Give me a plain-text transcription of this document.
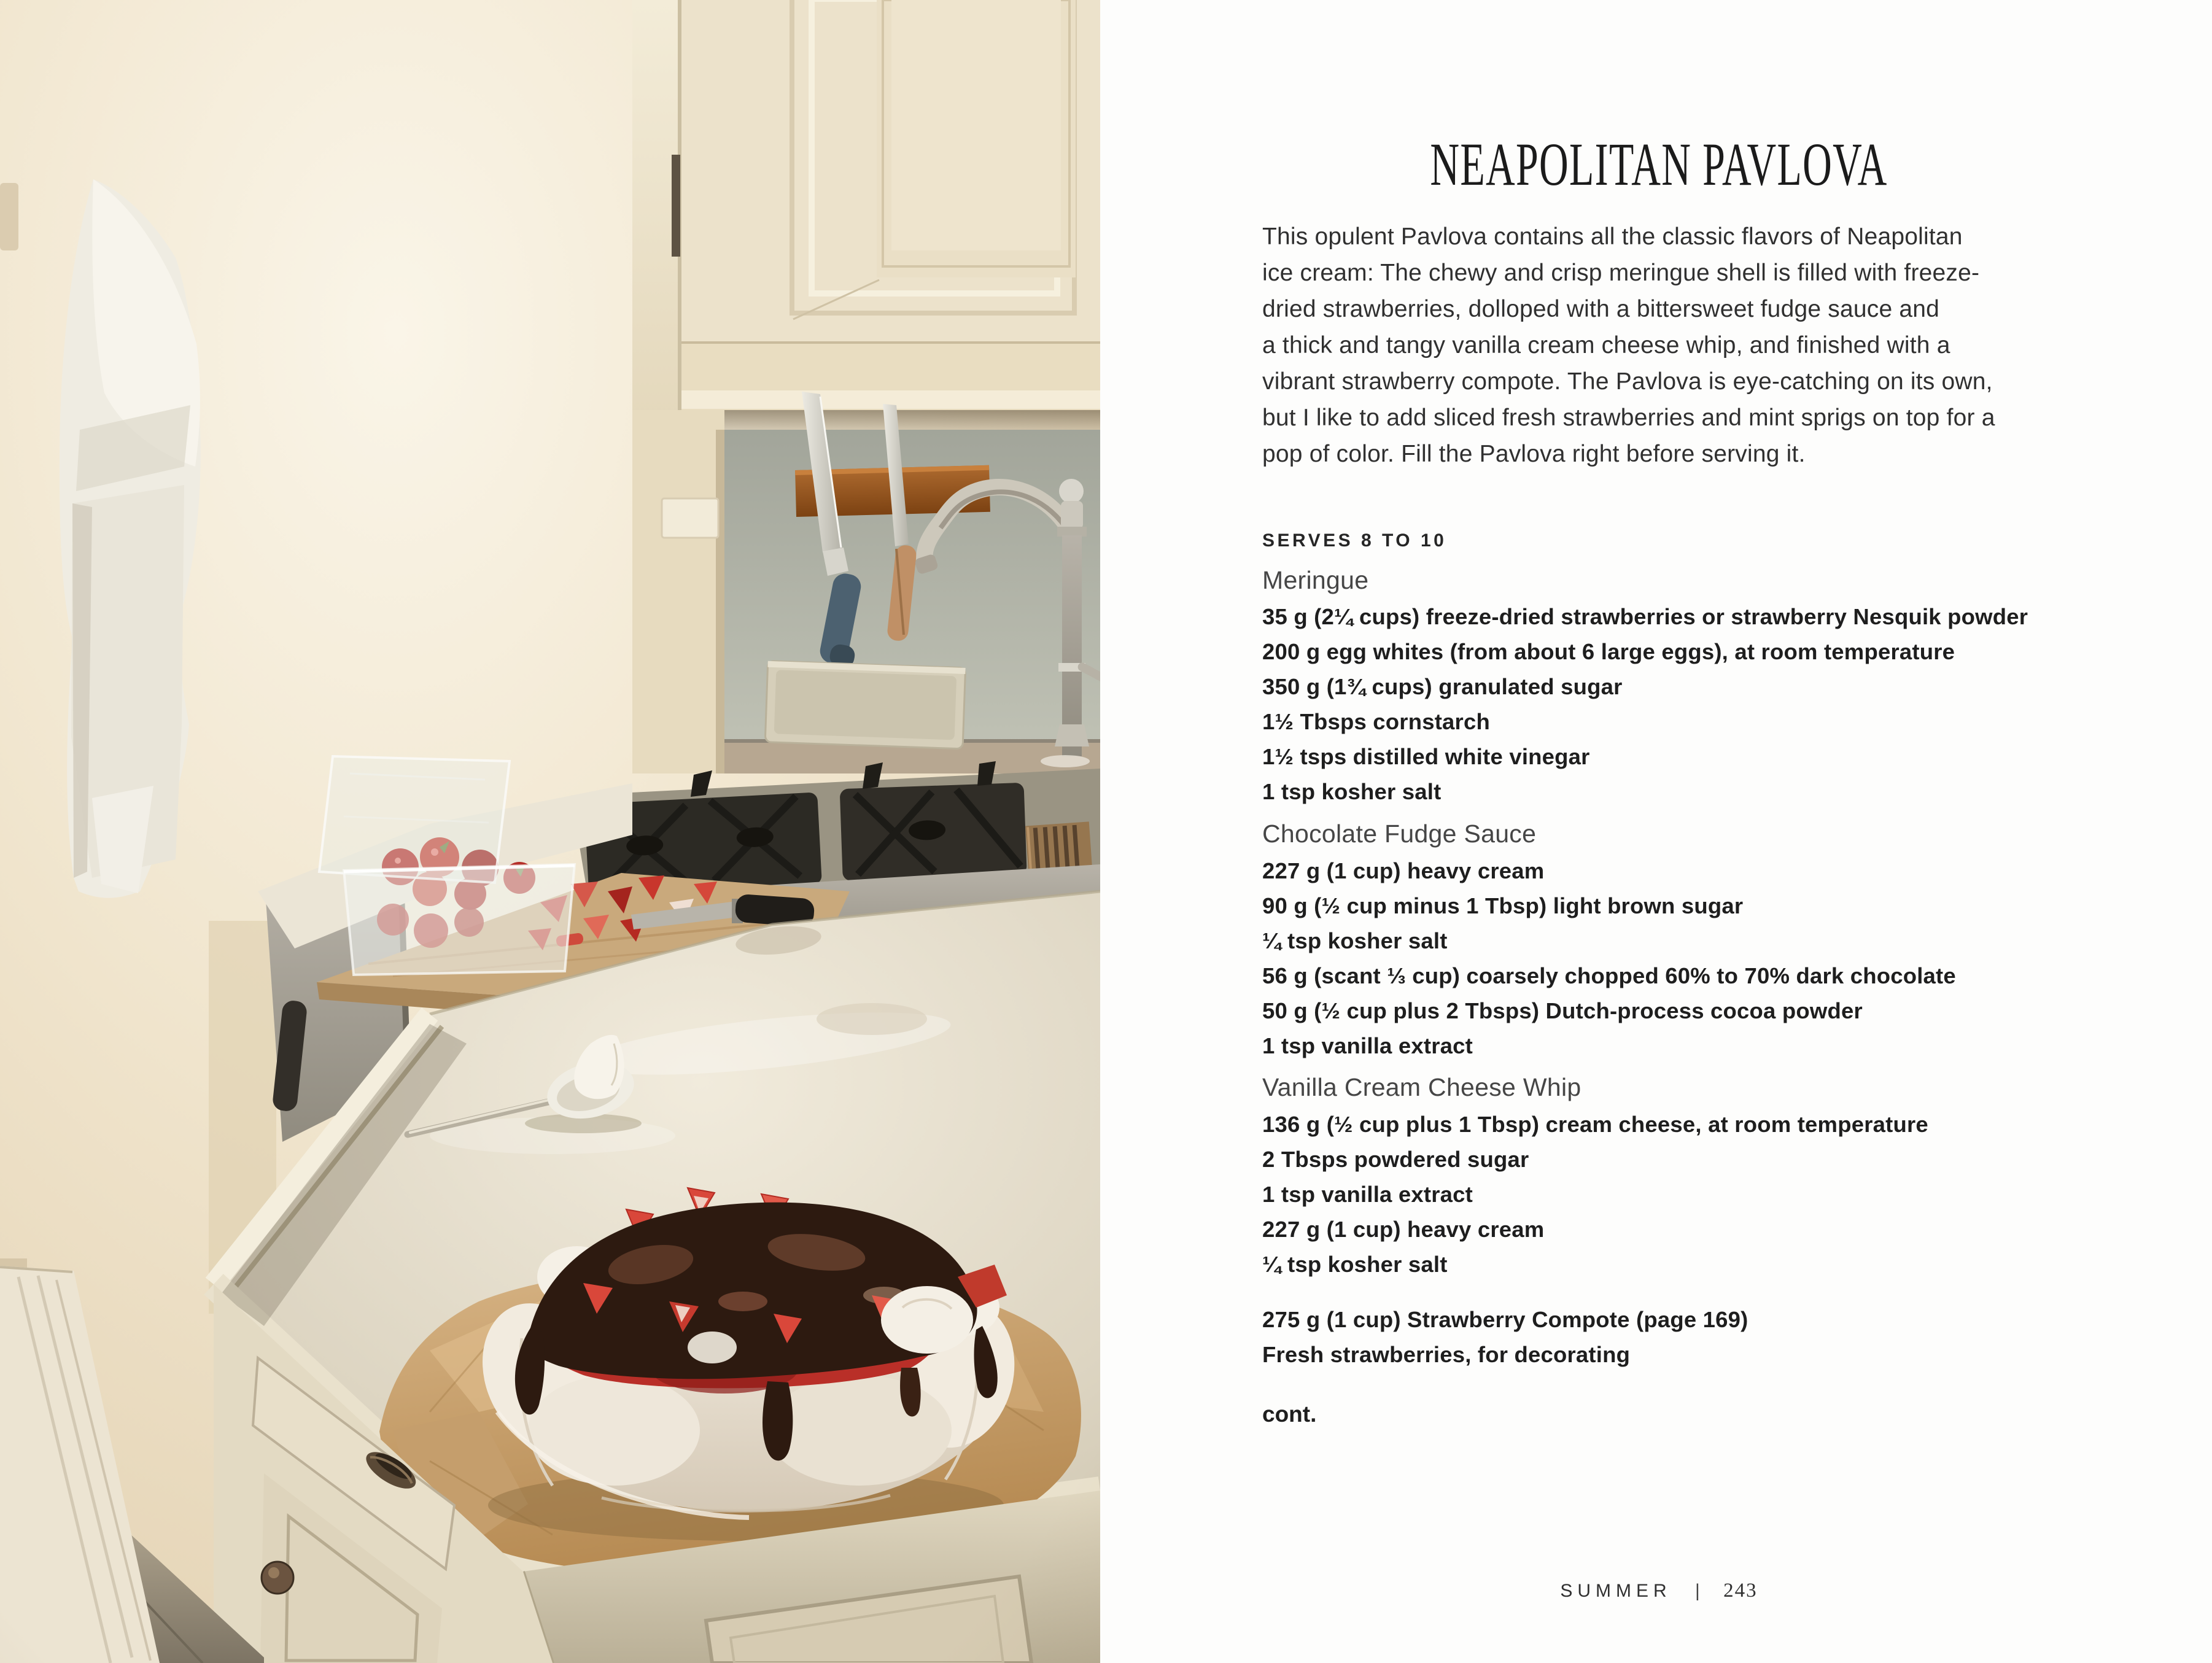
NEAPOLITAN PAVLOVA
This opulent Pavlova contains all the classic flavors of Neapolitan
ice cream: The chewy and crisp meringue shell is filled with freeze-
dried strawberries, dolloped with a bittersweet fudge sauce and
a thick and tangy vanilla cream cheese whip, and finished with a
vibrant strawberry compote. The Pavlova is eye-catching on its own,
but I like to add sliced fresh strawberries and mint sprigs on top for a
pop of color. Fill the Pavlova right before serving it.
SERVES 8 TO 10
Meringue
35 g (2¼ cups) freeze-dried strawberries or strawberry Nesquik powder
200 g egg whites (from about 6 large eggs), at room temperature
350 g (1¾ cups) granulated sugar
1½ Tbsps cornstarch
1½ tsps distilled white vinegar
1 tsp kosher salt
Chocolate Fudge Sauce
227 g (1 cup) heavy cream
90 g (½ cup minus 1 Tbsp) light brown sugar
¼ tsp kosher salt
56 g (scant ⅓ cup) coarsely chopped 60% to 70% dark chocolate
50 g (½ cup plus 2 Tbsps) Dutch-process cocoa powder
1 tsp vanilla extract
Vanilla Cream Cheese Whip
136 g (½ cup plus 1 Tbsp) cream cheese, at room temperature
2 Tbsps powdered sugar
1 tsp vanilla extract
227 g (1 cup) heavy cream
¼ tsp kosher salt
275 g (1 cup) Strawberry Compote (page 169)
Fresh strawberries, for decorating
cont.
SUMMER | 243
